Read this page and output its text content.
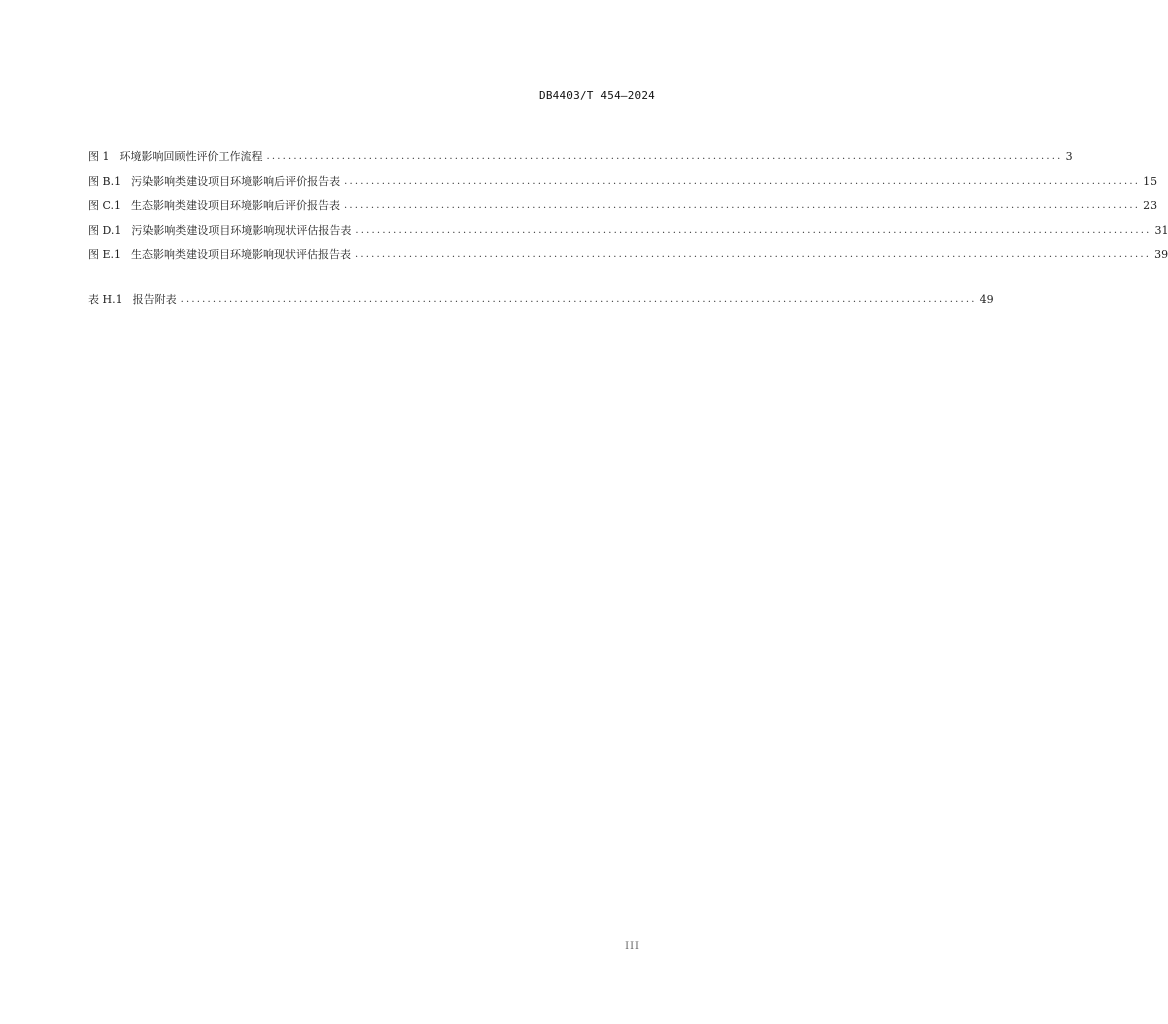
DB4403/T 454—2024
图 1 环境影响回顾性评价工作流程 .................................................................................................................................................... 3
图 B.1 污染影响类建设项目环境影响后评价报告表 .................................................................................................................................................... 15
图 C.1 生态影响类建设项目环境影响后评价报告表 .................................................................................................................................................... 23
图 D.1 污染影响类建设项目环境影响现状评估报告表 .................................................................................................................................................... 31
图 E.1 生态影响类建设项目环境影响现状评估报告表 .................................................................................................................................................... 39
表 H.1 报告附表 .................................................................................................................................................... 49
III
